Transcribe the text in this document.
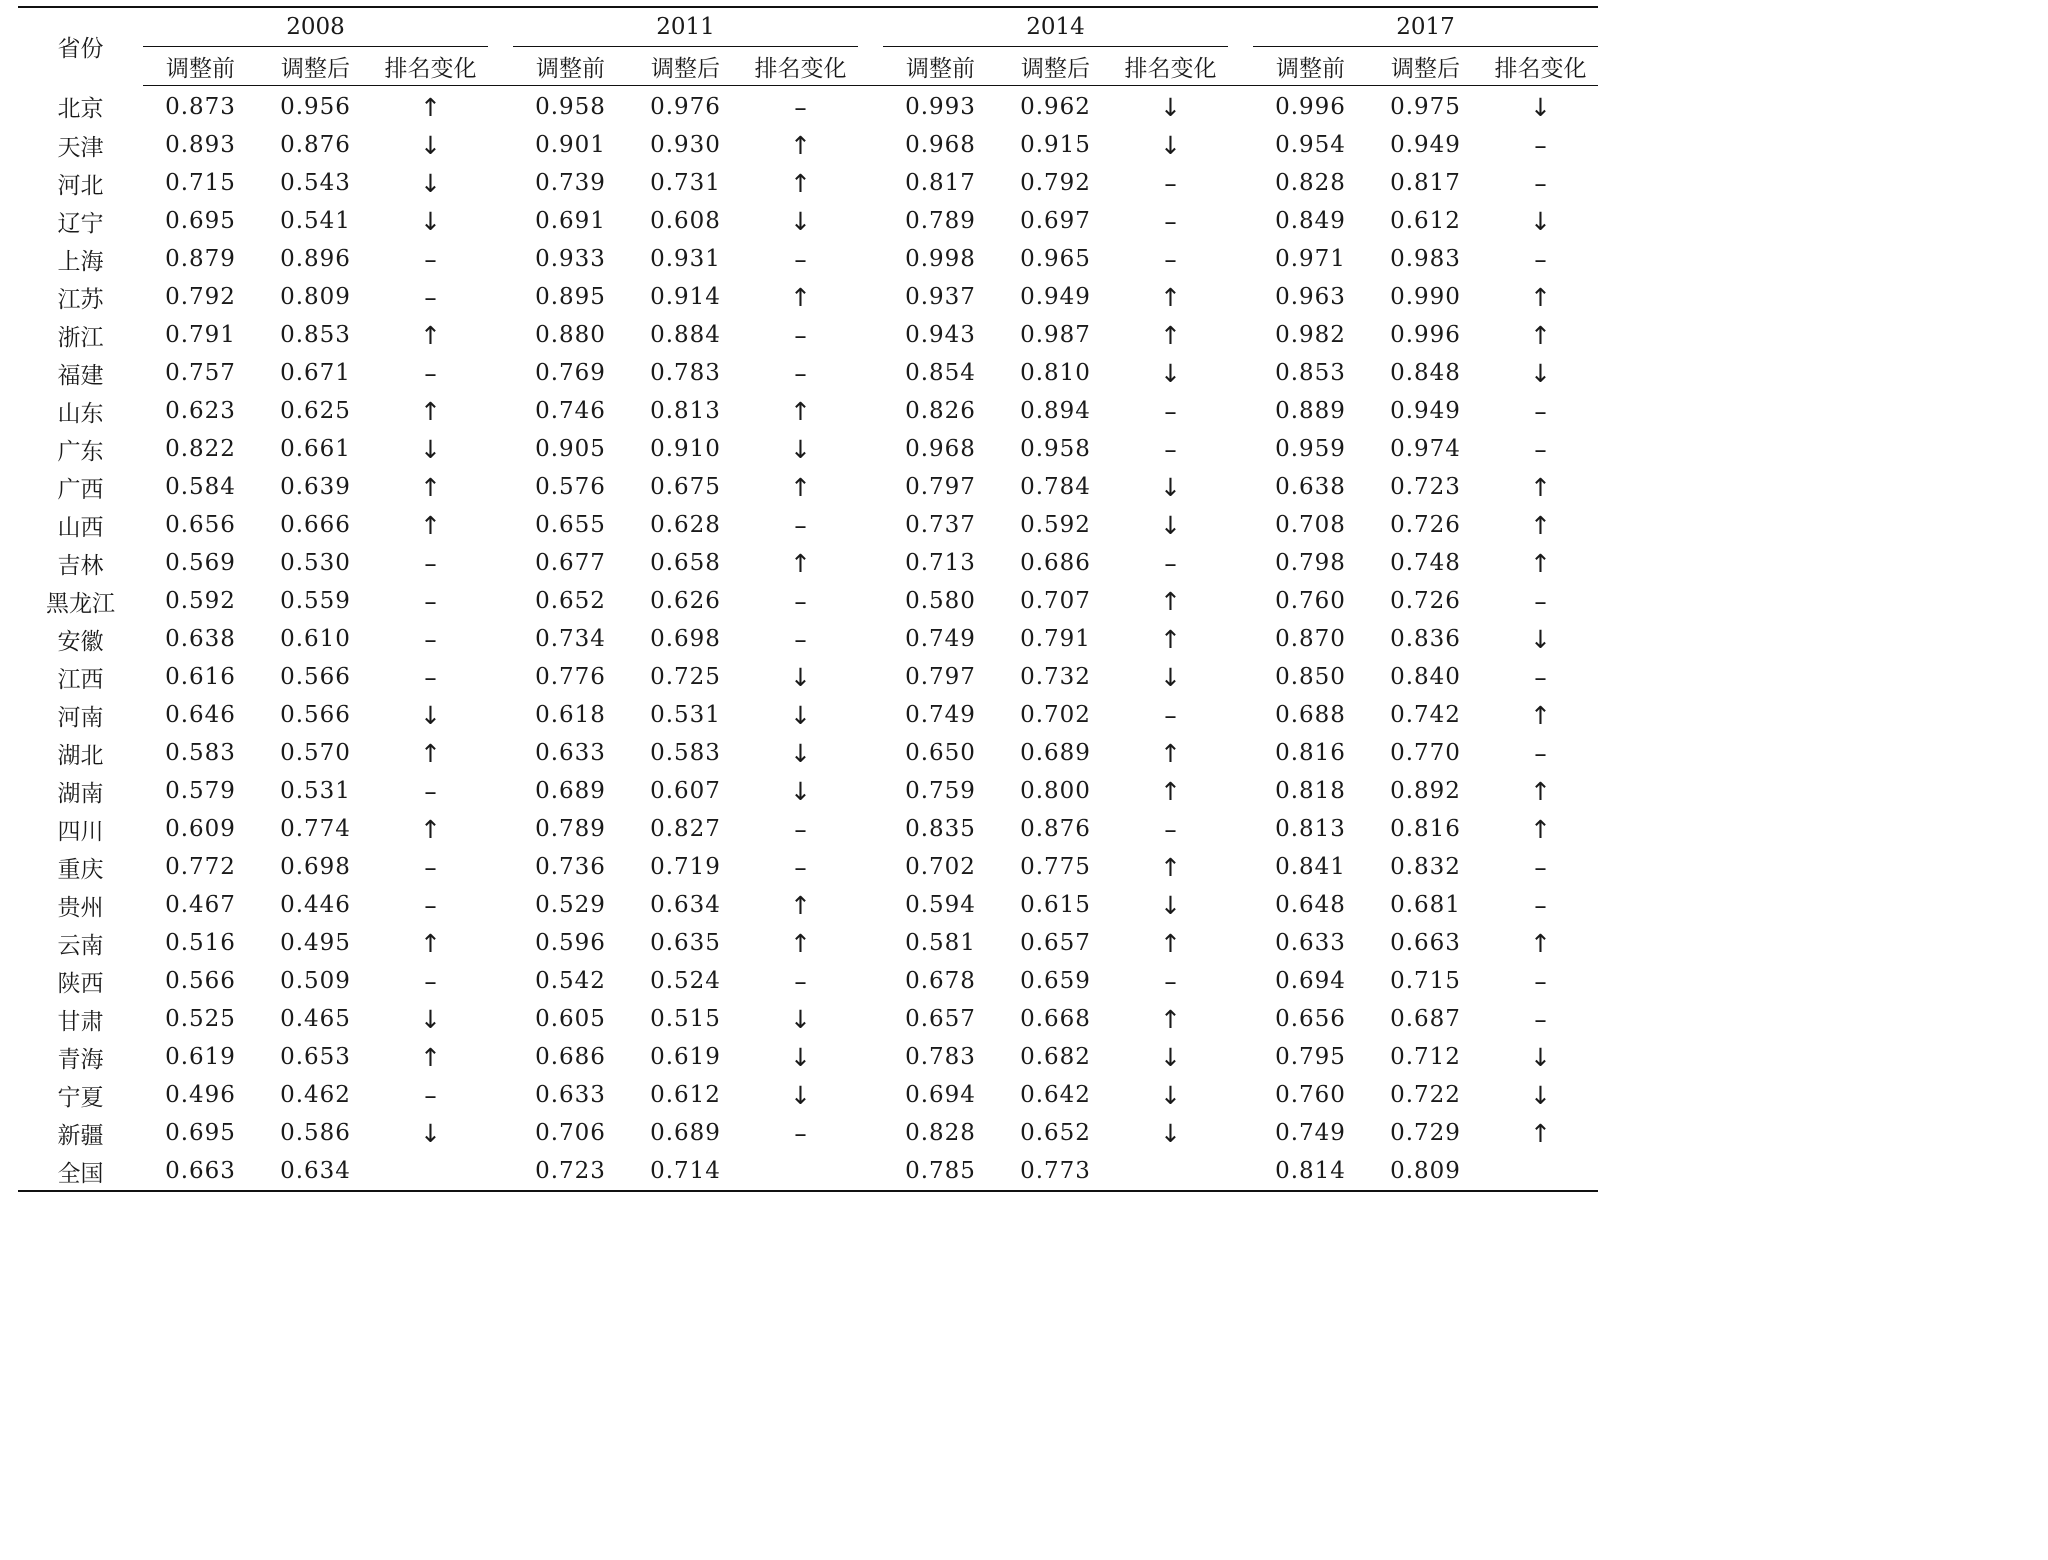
省份	2008				2011				2014				2017		
	调整前	调整后	排名变化		调整前	调整后	排名变化		调整前	调整后	排名变化		调整前	调整后	排名变化
北京	0.873	0.956	↑		0.958	0.976	–		0.993	0.962	↓		0.996	0.975	↓
天津	0.893	0.876	↓		0.901	0.930	↑		0.968	0.915	↓		0.954	0.949	–
河北	0.715	0.543	↓		0.739	0.731	↑		0.817	0.792	–		0.828	0.817	–
辽宁	0.695	0.541	↓		0.691	0.608	↓		0.789	0.697	–		0.849	0.612	↓
上海	0.879	0.896	–		0.933	0.931	–		0.998	0.965	–		0.971	0.983	–
江苏	0.792	0.809	–		0.895	0.914	↑		0.937	0.949	↑		0.963	0.990	↑
浙江	0.791	0.853	↑		0.880	0.884	–		0.943	0.987	↑		0.982	0.996	↑
福建	0.757	0.671	–		0.769	0.783	–		0.854	0.810	↓		0.853	0.848	↓
山东	0.623	0.625	↑		0.746	0.813	↑		0.826	0.894	–		0.889	0.949	–
广东	0.822	0.661	↓		0.905	0.910	↓		0.968	0.958	–		0.959	0.974	–
广西	0.584	0.639	↑		0.576	0.675	↑		0.797	0.784	↓		0.638	0.723	↑
山西	0.656	0.666	↑		0.655	0.628	–		0.737	0.592	↓		0.708	0.726	↑
吉林	0.569	0.530	–		0.677	0.658	↑		0.713	0.686	–		0.798	0.748	↑
黑龙江	0.592	0.559	–		0.652	0.626	–		0.580	0.707	↑		0.760	0.726	–
安徽	0.638	0.610	–		0.734	0.698	–		0.749	0.791	↑		0.870	0.836	↓
江西	0.616	0.566	–		0.776	0.725	↓		0.797	0.732	↓		0.850	0.840	–
河南	0.646	0.566	↓		0.618	0.531	↓		0.749	0.702	–		0.688	0.742	↑
湖北	0.583	0.570	↑		0.633	0.583	↓		0.650	0.689	↑		0.816	0.770	–
湖南	0.579	0.531	–		0.689	0.607	↓		0.759	0.800	↑		0.818	0.892	↑
四川	0.609	0.774	↑		0.789	0.827	–		0.835	0.876	–		0.813	0.816	↑
重庆	0.772	0.698	–		0.736	0.719	–		0.702	0.775	↑		0.841	0.832	–
贵州	0.467	0.446	–		0.529	0.634	↑		0.594	0.615	↓		0.648	0.681	–
云南	0.516	0.495	↑		0.596	0.635	↑		0.581	0.657	↑		0.633	0.663	↑
陕西	0.566	0.509	–		0.542	0.524	–		0.678	0.659	–		0.694	0.715	–
甘肃	0.525	0.465	↓		0.605	0.515	↓		0.657	0.668	↑		0.656	0.687	–
青海	0.619	0.653	↑		0.686	0.619	↓		0.783	0.682	↓		0.795	0.712	↓
宁夏	0.496	0.462	–		0.633	0.612	↓		0.694	0.642	↓		0.760	0.722	↓
新疆	0.695	0.586	↓		0.706	0.689	–		0.828	0.652	↓		0.749	0.729	↑
全国	0.663	0.634			0.723	0.714			0.785	0.773			0.814	0.809	
